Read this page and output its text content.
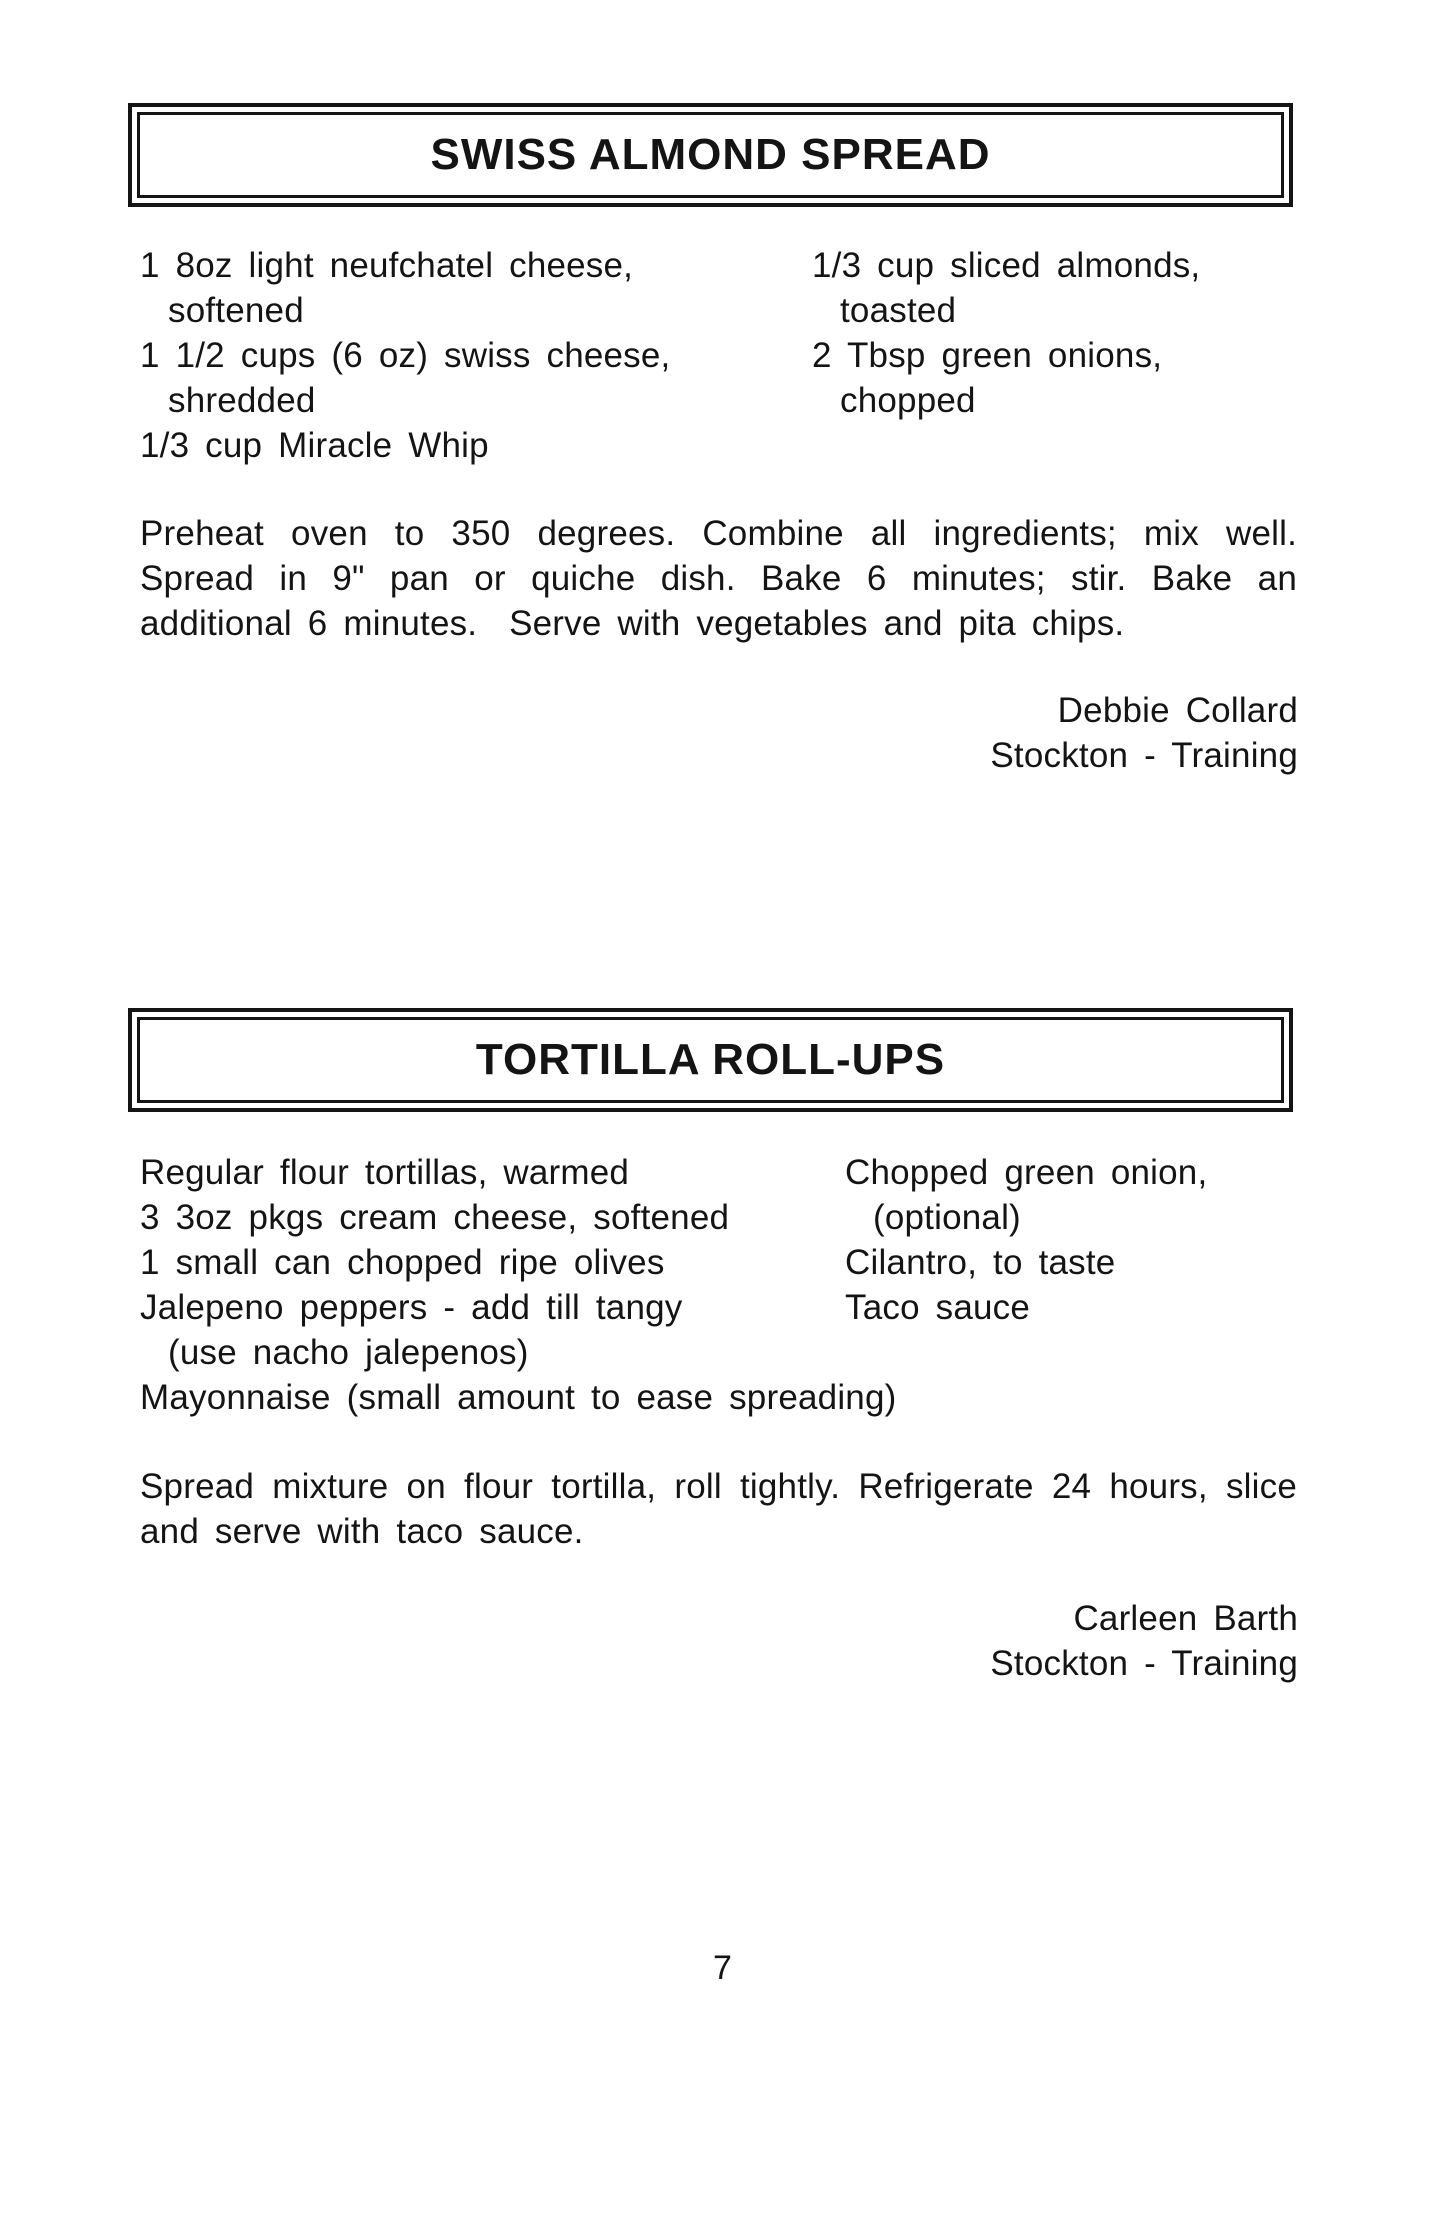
SWISS ALMOND SPREAD
1 8oz light neufchatel cheese,
softened
1 1/2 cups (6 oz) swiss cheese,
shredded
1/3 cup Miracle Whip
1/3 cup sliced almonds,
toasted
2 Tbsp green onions,
chopped
Preheat oven to 350 degrees. Combine all ingredients; mix well.
Spread in 9" pan or quiche dish. Bake 6 minutes; stir. Bake an
additional 6 minutes.  Serve with vegetables and pita chips.
Debbie Collard
Stockton - Training
TORTILLA ROLL-UPS
Regular flour tortillas, warmed
3 3oz pkgs cream cheese, softened
1 small can chopped ripe olives
Jalepeno peppers - add till tangy
(use nacho jalepenos)
Chopped green onion,
(optional)
Cilantro, to taste
Taco sauce
Mayonnaise (small amount to ease spreading)
Spread mixture on flour tortilla, roll tightly. Refrigerate 24 hours, slice
and serve with taco sauce.
Carleen Barth
Stockton - Training
7
